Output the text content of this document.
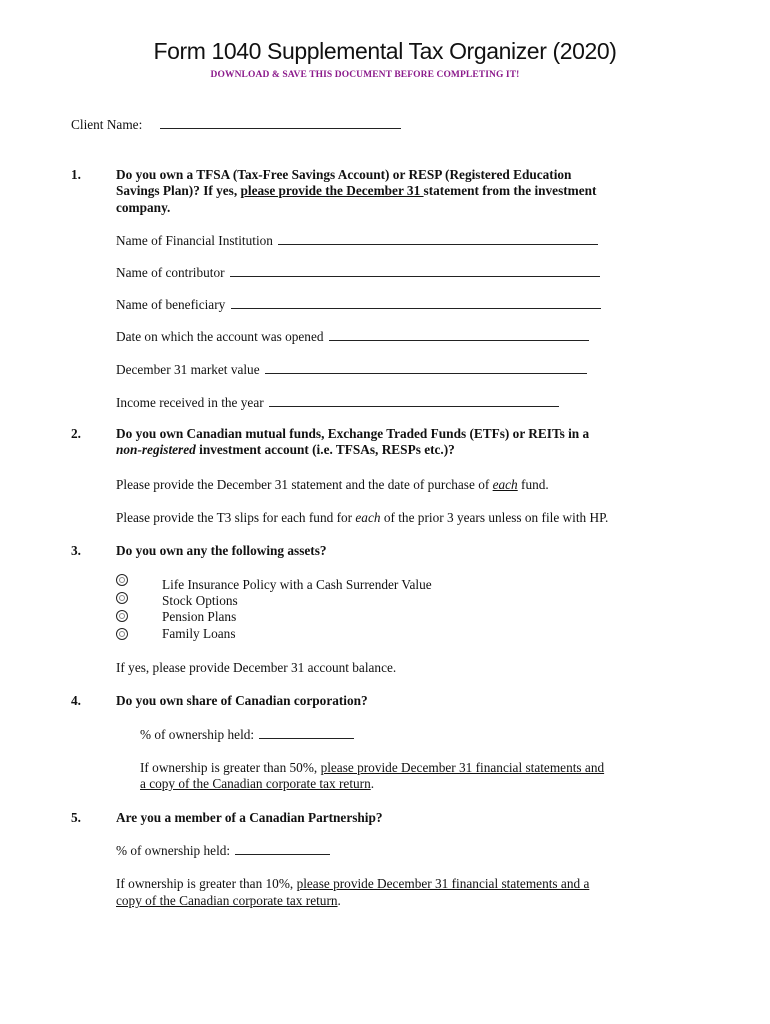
Form 1040 Supplemental Tax Organizer (2020)
DOWNLOAD & SAVE THIS DOCUMENT BEFORE COMPLETING IT!
Client Name:
1.	Do you own a TFSA (Tax-Free Savings Account) or RESP (Registered Education
Savings Plan)? If yes, please provide the December 31 statement from the investment
company.
Name of Financial Institution
Name of contributor
Name of beneficiary
Date on which the account was opened
December 31 market value
Income received in the year
2.	Do you own Canadian mutual funds, Exchange Traded Funds (ETFs) or REITs in a
non-registered investment account (i.e. TFSAs, RESPs etc.)?
Please provide the December 31 statement and the date of purchase of each fund.
Please provide the T3 slips for each fund for each of the prior 3 years unless on file with HP.
3.	Do you own any the following assets?
Life Insurance Policy with a Cash Surrender Value
Stock Options
Pension Plans
Family Loans
If yes, please provide December 31 account balance.
4.	Do you own share of Canadian corporation?
% of ownership held:
If ownership is greater than 50%, please provide December 31 financial statements and
a copy of the Canadian corporate tax return.
5.	Are you a member of a Canadian Partnership?
% of ownership held:
If ownership is greater than 10%, please provide December 31 financial statements and a
copy of the Canadian corporate tax return.
